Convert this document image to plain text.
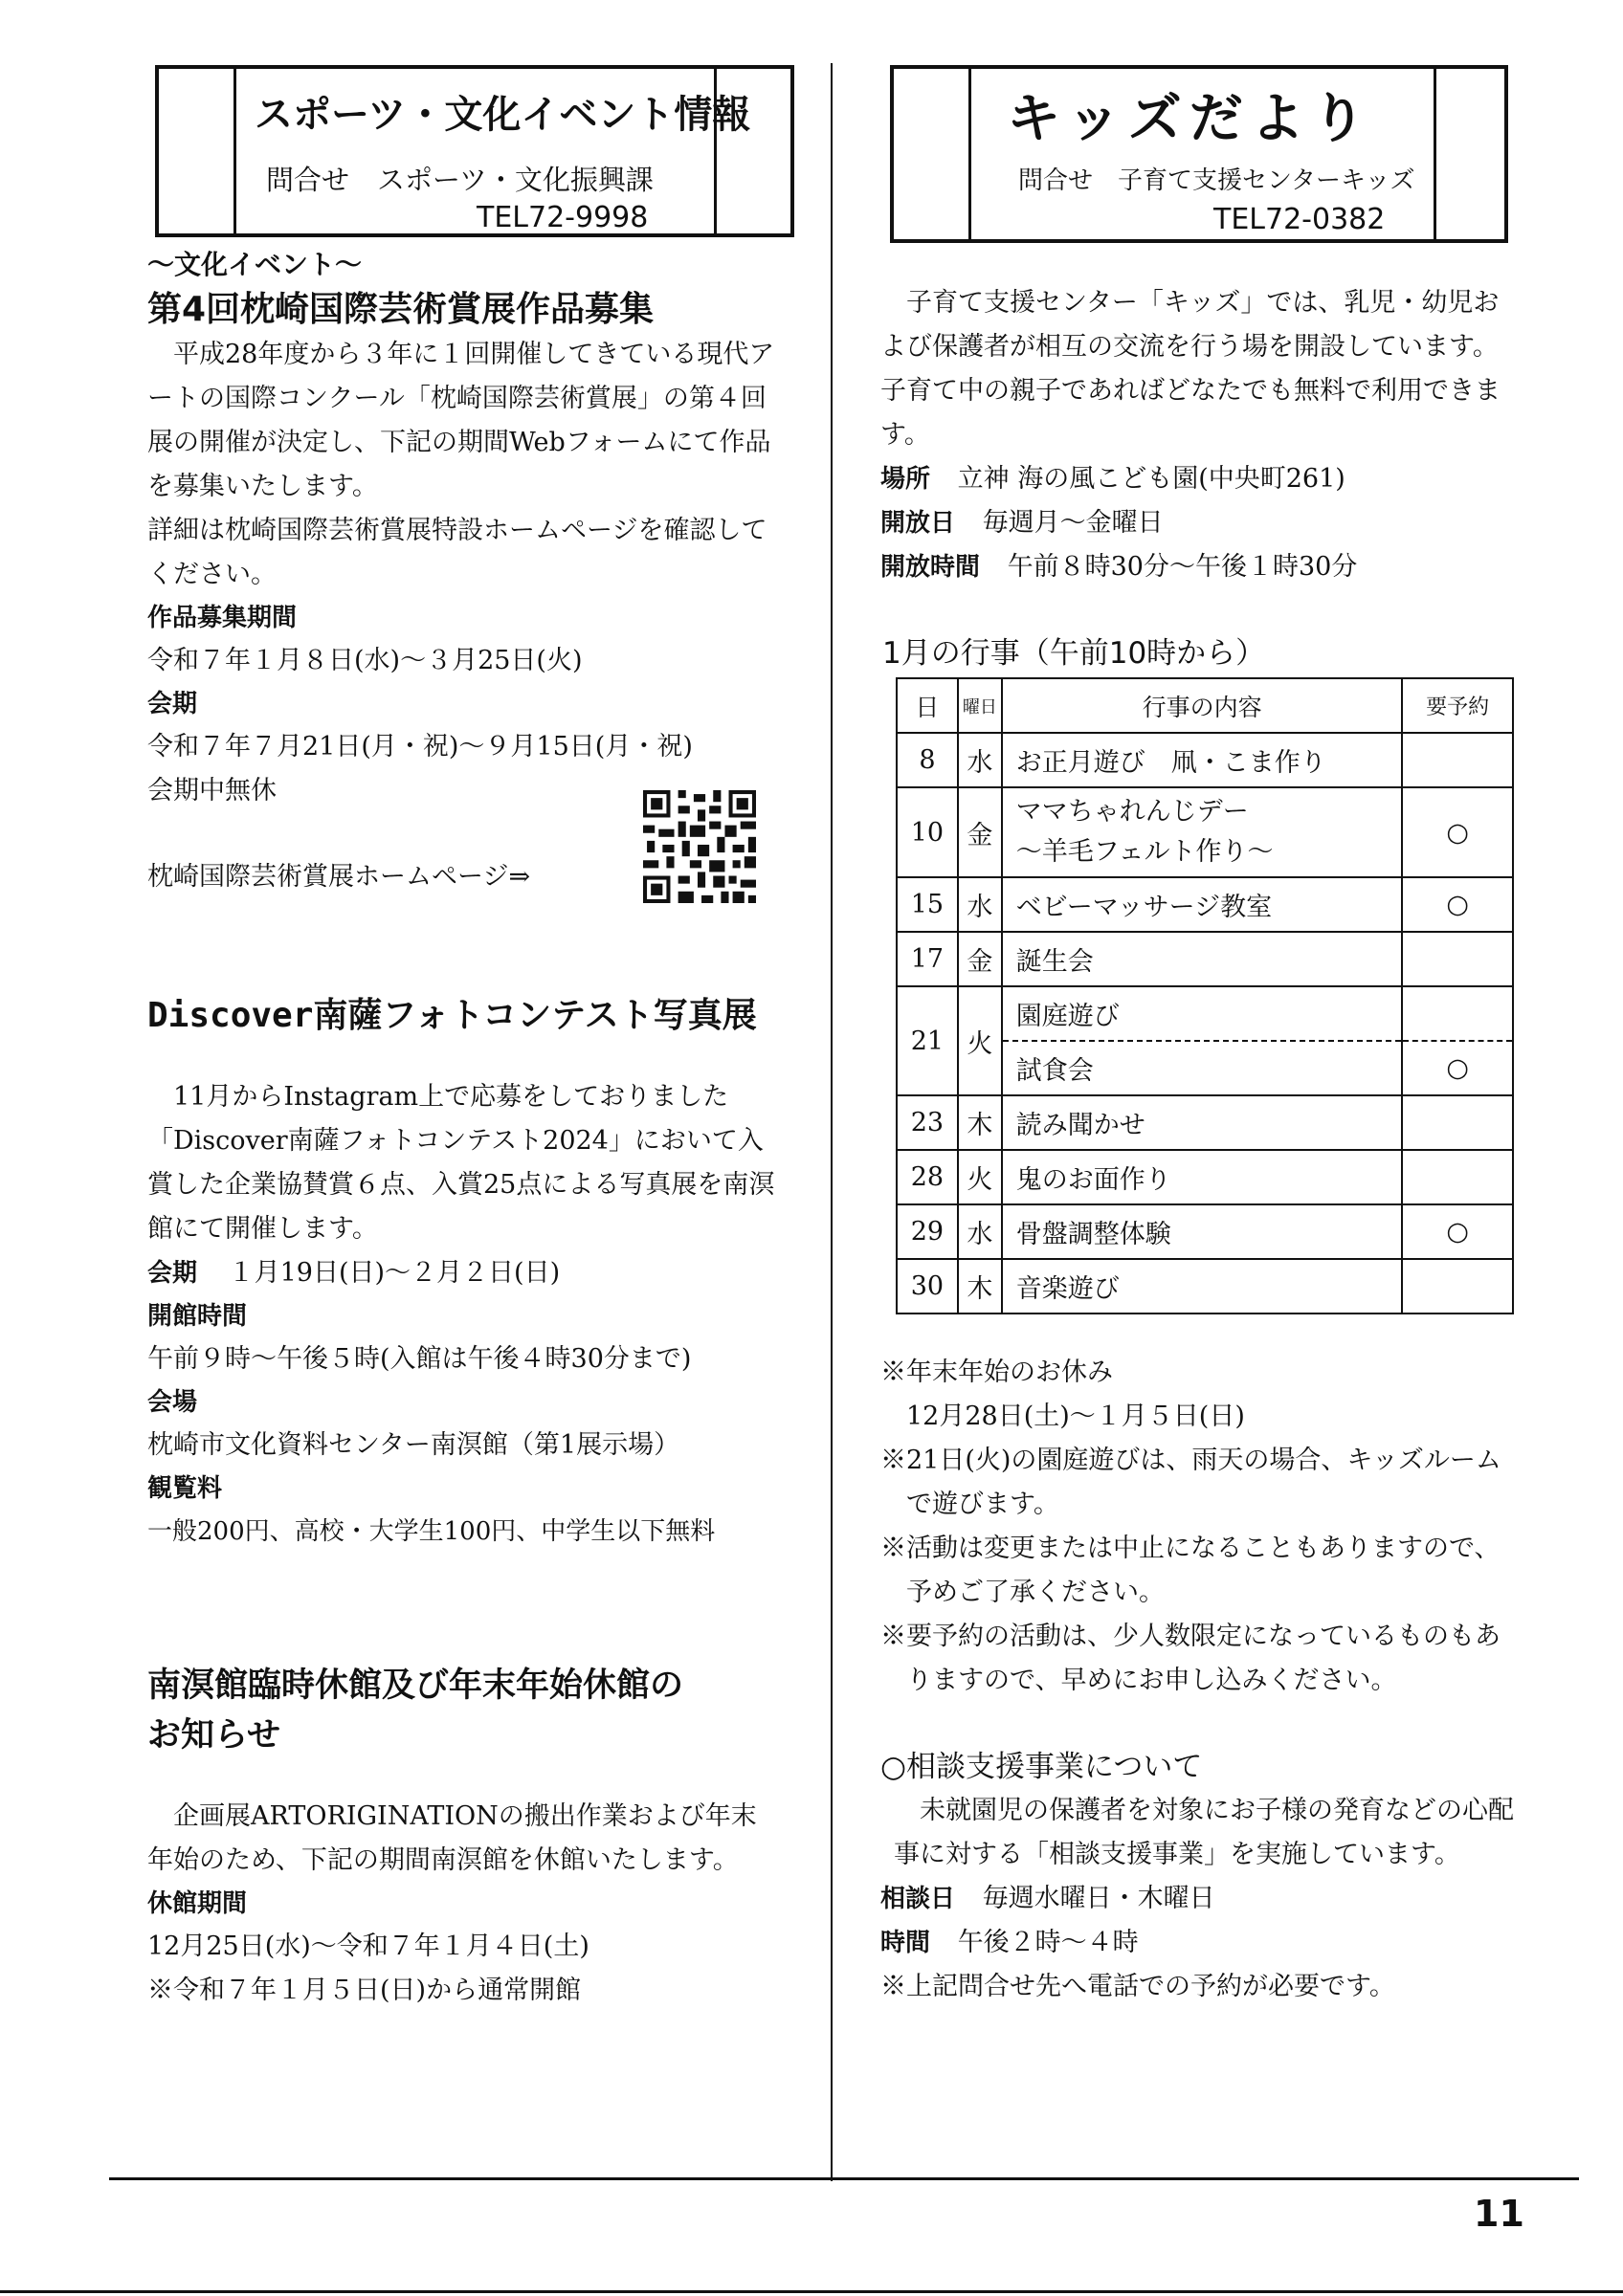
スポーツ・文化イベント情報
問合せ　スポーツ・文化振興課
TEL72-9998
キッズだより
問合せ　子育て支援センターキッズ
TEL72-0382
～文化イベント～
第4回枕崎国際芸術賞展作品募集
平成28年度から３年に１回開催してきている現代アートの国際コンクール「枕崎国際芸術賞展」の第４回展の開催が決定し、下記の期間Webフォームにて作品を募集いたします。
詳細は枕崎国際芸術賞展特設ホームページを確認してください。
作品募集期間
令和７年１月８日(水)～３月25日(火)
会期
令和７年７月21日(月・祝)～９月15日(月・祝)
会期中無休
枕崎国際芸術賞展ホームページ⇒
Discover南薩フォトコンテスト写真展
11月からInstagram上で応募をしておりました「Discover南薩フォトコンテスト2024」において入賞した企業協賛賞６点、入賞25点による写真展を南溟館にて開催します。
会期 １月19日(日)～２月２日(日)
開館時間
午前９時～午後５時(入館は午後４時30分まで)
会場
枕崎市文化資料センター南溟館（第1展示場）
観覧料
一般200円、高校・大学生100円、中学生以下無料
南溟館臨時休館及び年末年始休館の
お知らせ
企画展ARTORIGINATIONの搬出作業および年末年始のため、下記の期間南溟館を休館いたします。
休館期間
12月25日(水)～令和７年１月４日(土)
※令和７年１月５日(日)から通常開館
子育て支援センター「キッズ」では、乳児・幼児および保護者が相互の交流を行う場を開設しています。子育て中の親子であればどなたでも無料で利用できます。
場所 立神 海の風こども園(中央町261)
開放日 毎週月～金曜日
開放時間 午前８時30分～午後１時30分
1月の行事（午前10時から）
日	曜日	行事の内容	要予約
8	水	お正月遊び　凧・こま作り	
10	金	ママちゃれんじデー
～羊毛フェルト作り～	○
15	水	ベビーマッサージ教室	○
17	金	誕生会	
21	火	園庭遊び	
		試食会	○
23	木	読み聞かせ	
28	火	鬼のお面作り	
29	水	骨盤調整体験	○
30	木	音楽遊び	
※年末年始のお休み
12月28日(土)～１月５日(日)
※21日(火)の園庭遊びは、雨天の場合、キッズルームで遊びます。
※活動は変更または中止になることもありますので、予めご了承ください。
※要予約の活動は、少人数限定になっているものもありますので、早めにお申し込みください。
○相談支援事業について
未就園児の保護者を対象にお子様の発育などの心配事に対する「相談支援事業」を実施しています。
相談日 毎週水曜日・木曜日
時間 午後２時～４時
※上記問合せ先へ電話での予約が必要です。
11
